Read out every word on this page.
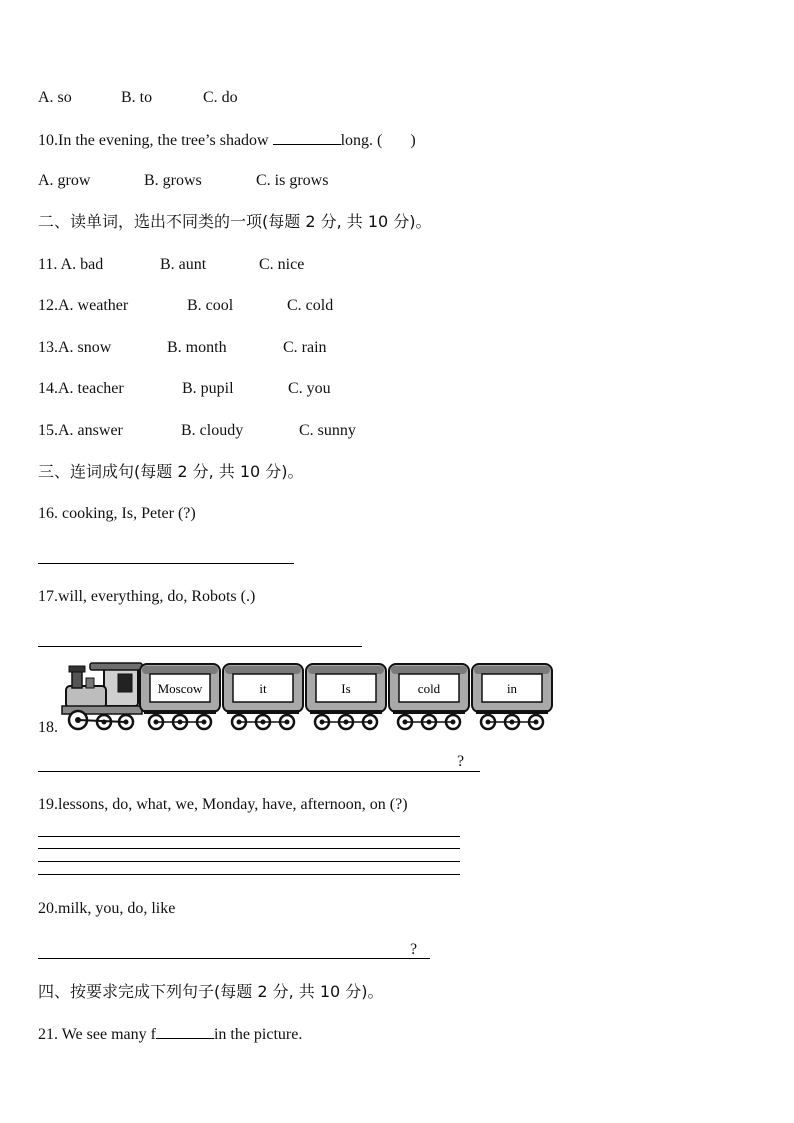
A. so	B. to	C. do
10.In the evening, the tree’s shadow	long. ( )
A. grow	B. grows	C. is grows
二、读单词，选出不同类的一项(每题 2 分, 共 10 分)。
11. A. bad	B. aunt	C. nice
12.A. weather	B. cool	C. cold
13.A. snow	B. month	C. rain
14.A. teacher	B. pupil	C. you
15.A. answer	B. cloudy	C. sunny
三、连词成句(每题 2 分, 共 10 分)。
16. cooking, Is, Peter (?)
17.will, everything, do, Robots (.)
18.
Moscow	it	Is	cold	in
?
19.lessons, do, what, we, Monday, have, afternoon, on (?)
20.milk, you, do, like
?
四、按要求完成下列句子(每题 2 分, 共 10 分)。
21. We see many f	in the picture.
